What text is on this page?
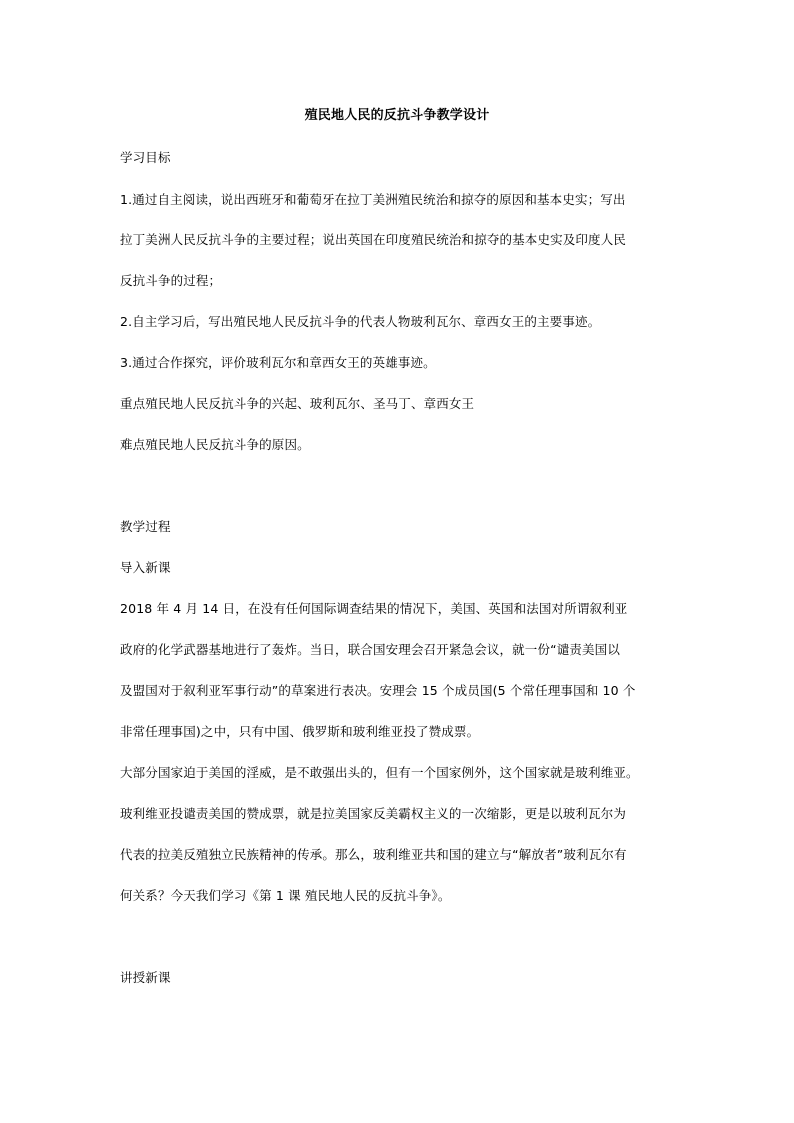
殖民地人民的反抗斗争教学设计
学习目标
1.通过自主阅读，说出西班牙和葡萄牙在拉丁美洲殖民统治和掠夺的原因和基本史实；写出
拉丁美洲人民反抗斗争的主要过程；说出英国在印度殖民统治和掠夺的基本史实及印度人民
反抗斗争的过程；
2.自主学习后，写出殖民地人民反抗斗争的代表人物玻利瓦尔、章西女王的主要事迹。
3.通过合作探究，评价玻利瓦尔和章西女王的英雄事迹。
重点殖民地人民反抗斗争的兴起、玻利瓦尔、圣马丁、章西女王
难点殖民地人民反抗斗争的原因。
教学过程
导入新课
2018 年 4 月 14 日，在没有任何国际调查结果的情况下，美国、英国和法国对所谓叙利亚
政府的化学武器基地进行了轰炸。当日，联合国安理会召开紧急会议，就一份“谴责美国以
及盟国对于叙利亚军事行动”的草案进行表决。安理会 15 个成员国(5 个常任理事国和 10 个
非常任理事国)之中，只有中国、俄罗斯和玻利维亚投了赞成票。
大部分国家迫于美国的淫威，是不敢强出头的，但有一个国家例外，这个国家就是玻利维亚。
玻利维亚投谴责美国的赞成票，就是拉美国家反美霸权主义的一次缩影，更是以玻利瓦尔为
代表的拉美反殖独立民族精神的传承。那么，玻利维亚共和国的建立与“解放者”玻利瓦尔有
何关系？今天我们学习《第 1 课 殖民地人民的反抗斗争》。
讲授新课
